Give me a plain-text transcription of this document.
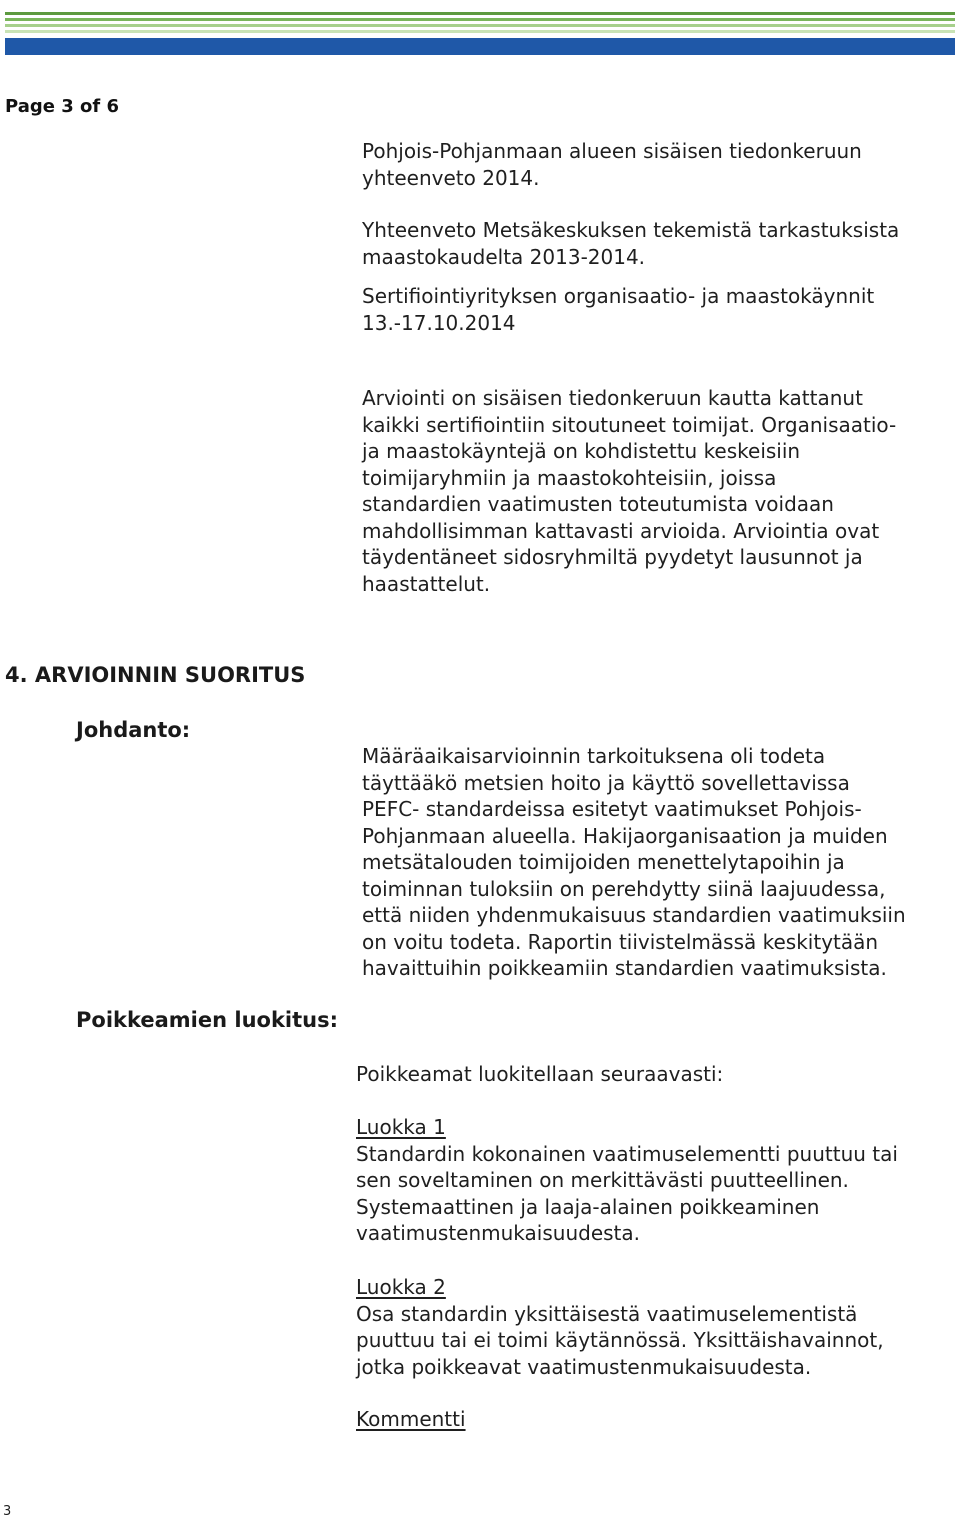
Page 3 of 6
Pohjois-Pohjanmaan alueen sisäisen tiedonkeruun
yhteenveto 2014.
Yhteenveto Metsäkeskuksen tekemistä tarkastuksista
maastokaudelta 2013-2014.
Sertifiointiyrityksen organisaatio- ja maastokäynnit
13.-17.10.2014
Arviointi on sisäisen tiedonkeruun kautta kattanut
kaikki sertifiointiin sitoutuneet toimijat. Organisaatio-
ja maastokäyntejä on kohdistettu keskeisiin
toimijaryhmiin ja maastokohteisiin, joissa
standardien vaatimusten toteutumista voidaan
mahdollisimman kattavasti arvioida. Arviointia ovat
täydentäneet sidosryhmiltä pyydetyt lausunnot ja
haastattelut.
4. ARVIOINNIN SUORITUS
Johdanto:
Määräaikaisarvioinnin tarkoituksena oli todeta
täyttääkö metsien hoito ja käyttö sovellettavissa
PEFC- standardeissa esitetyt vaatimukset Pohjois-
Pohjanmaan alueella. Hakijaorganisaation ja muiden
metsätalouden toimijoiden menettelytapoihin ja
toiminnan tuloksiin on perehdytty siinä laajuudessa,
että niiden yhdenmukaisuus standardien vaatimuksiin
on voitu todeta. Raportin tiivistelmässä keskitytään
havaittuihin poikkeamiin standardien vaatimuksista.
Poikkeamien luokitus:
Poikkeamat luokitellaan seuraavasti:
Luokka 1
Standardin kokonainen vaatimuselementti puuttuu tai
sen soveltaminen on merkittävästi puutteellinen.
Systemaattinen ja laaja-alainen poikkeaminen
vaatimustenmukaisuudesta.
Luokka 2
Osa standardin yksittäisestä vaatimuselementistä
puuttuu tai ei toimi käytännössä. Yksittäishavainnot,
jotka poikkeavat vaatimustenmukaisuudesta.
Kommentti
3
